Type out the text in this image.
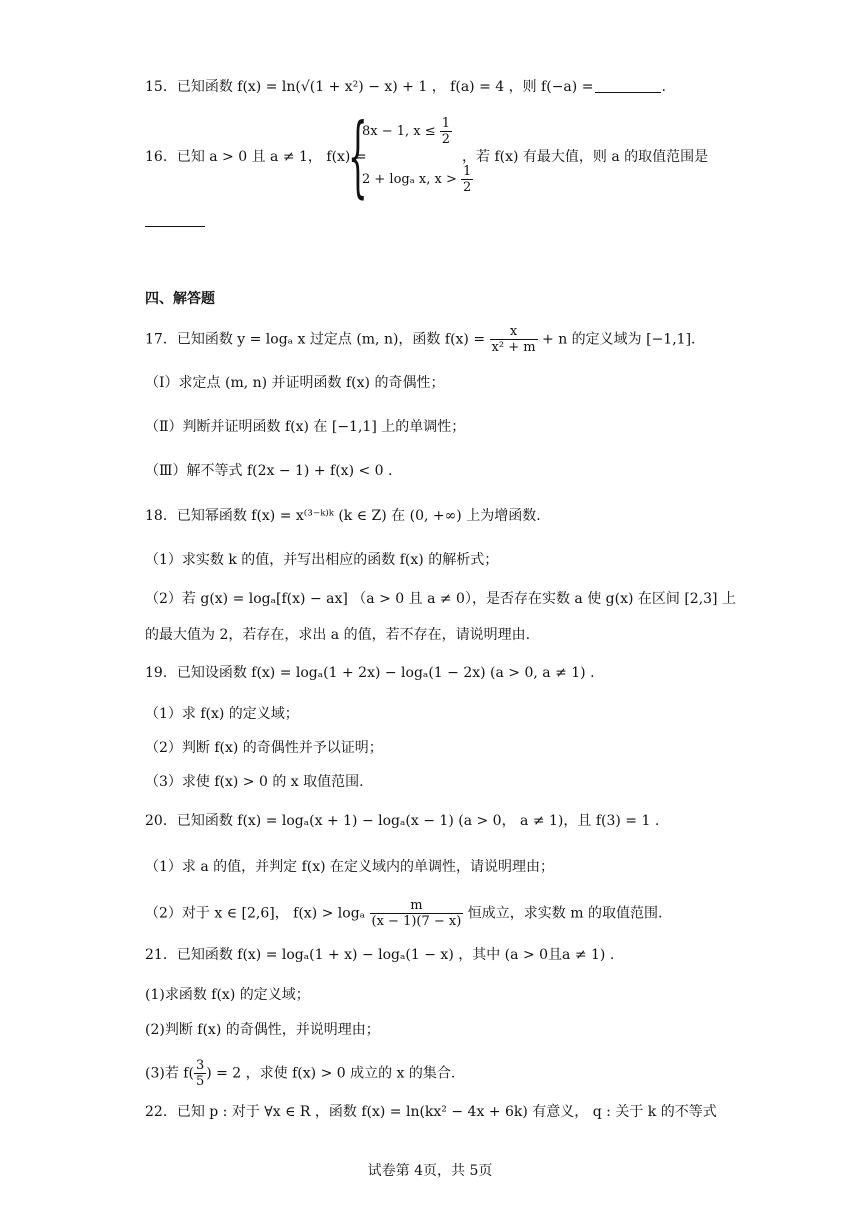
15．已知函数 f(x) = ln(√(1 + x²) − x) + 1 ， f(a) = 4 ，则 f(−a) =	.
16．已知 a > 0 且 a ≠ 1， f(x) =
{
8x − 1, $x \le \frac{1}{2}$
2 + logₐ x, $x > \frac{1}{2}$
，若 f(x) 有最大值，则 a 的取值范围是
四、解答题
17．已知函数 y = logₐ x 过定点 (m, n)，函数 $f(x) = \frac{x}{\text{x² + m}} + n$ 的定义域为 [−1,1].
（Ⅰ）求定点 (m, n) 并证明函数 f(x) 的奇偶性；
（Ⅱ）判断并证明函数 f(x) 在 [−1,1] 上的单调性；
（Ⅲ）解不等式 f(2x − 1) + f(x) < 0 .
18．已知幂函数 f(x) = x⁽³⁻ᵏ⁾ᵏ (k ∈ Z) 在 (0, +∞) 上为增函数.
（1）求实数 k 的值，并写出相应的函数 f(x) 的解析式；
（2）若 g(x) = logₐ[f(x) − ax] （a > 0 且 a ≠ 0），是否存在实数 a 使 g(x) 在区间 [2,3] 上
的最大值为 2，若存在，求出 a 的值，若不存在，请说明理由.
19．已知设函数 f(x) = logₐ(1 + 2x) − logₐ(1 − 2x) (a > 0, a ≠ 1) .
（1）求 f(x) 的定义域；
（2）判断 f(x) 的奇偶性并予以证明；
（3）求使 f(x) > 0 的 x 取值范围.
20．已知函数 f(x) = logₐ(x + 1) − logₐ(x − 1) (a > 0， a ≠ 1)，且 f(3) = 1 .
（1）求 a 的值，并判定 f(x) 在定义域内的单调性，请说明理由；
（2）对于 x ∈ [2,6]， f(x) > logₐ $\frac{m}{(x - 1)(7 - x)}$ 恒成立，求实数 m 的取值范围.
21．已知函数 f(x) = logₐ(1 + x) − logₐ(1 − x) ，其中 (a > 0且a ≠ 1) .
(1)求函数 f(x) 的定义域；
(2)判断 f(x) 的奇偶性，并说明理由；
(3)若 $f( \frac{3}{5}$ ) = 2 ，求使 f(x) > 0 成立的 x 的集合.
22．已知 p : 对于 ∀x ∈ R ，函数 f(x) = ln(kx² − 4x + 6k) 有意义， q : 关于 k 的不等式
试卷第 4页，共 5页
